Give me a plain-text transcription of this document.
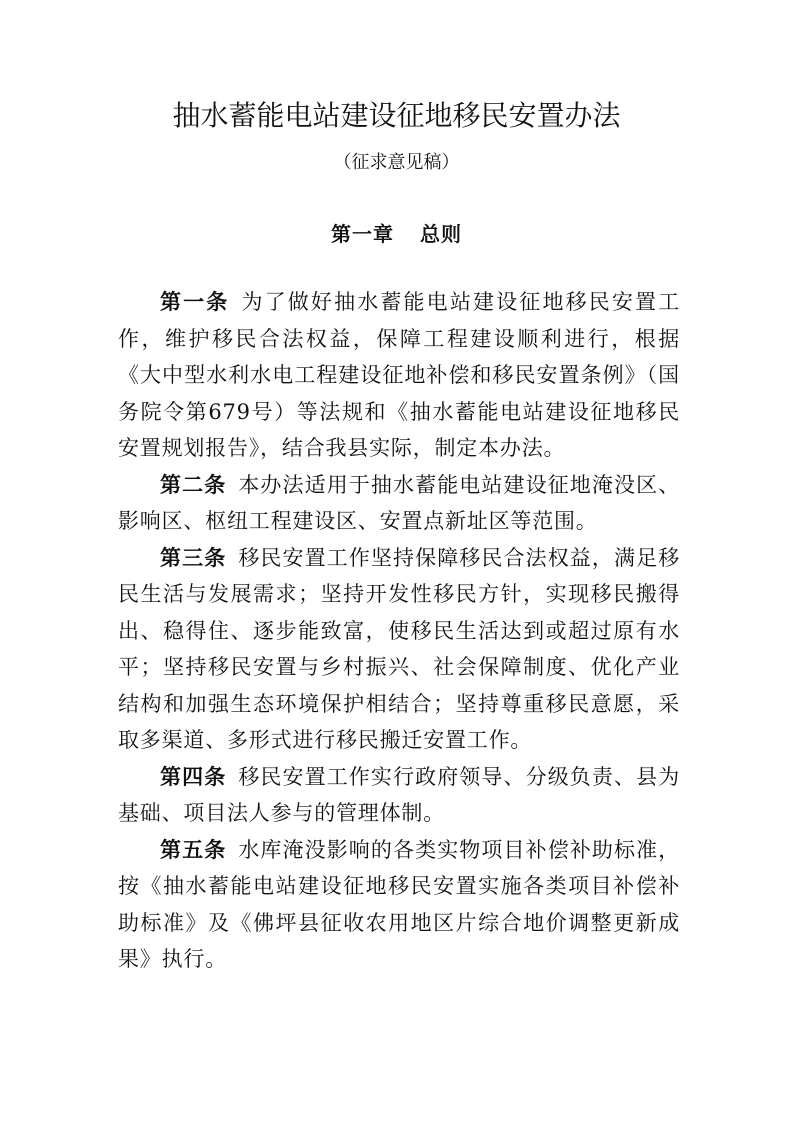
抽水蓄能电站建设征地移民安置办法
（征求意见稿）
第一章 总则

第一条 为了做好抽水蓄能电站建设征地移民安置工作，维护移民合法权益，保障工程建设顺利进行，根据《大中型水利水电工程建设征地补偿和移民安置条例》（国务院令第679号）等法规和《抽水蓄能电站建设征地移民安置规划报告》，结合我县实际，制定本办法。

第二条 本办法适用于抽水蓄能电站建设征地淹没区、影响区、枢纽工程建设区、安置点新址区等范围。

第三条 移民安置工作坚持保障移民合法权益，满足移民生活与发展需求；坚持开发性移民方针，实现移民搬得出、稳得住、逐步能致富，使移民生活达到或超过原有水平；坚持移民安置与乡村振兴、社会保障制度、优化产业结构和加强生态环境保护相结合；坚持尊重移民意愿，采取多渠道、多形式进行移民搬迁安置工作。

第四条 移民安置工作实行政府领导、分级负责、县为基础、项目法人参与的管理体制。

第五条 水库淹没影响的各类实物项目补偿补助标准，按《抽水蓄能电站建设征地移民安置实施各类项目补偿补助标准》及《佛坪县征收农用地区片综合地价调整更新成果》执行。
